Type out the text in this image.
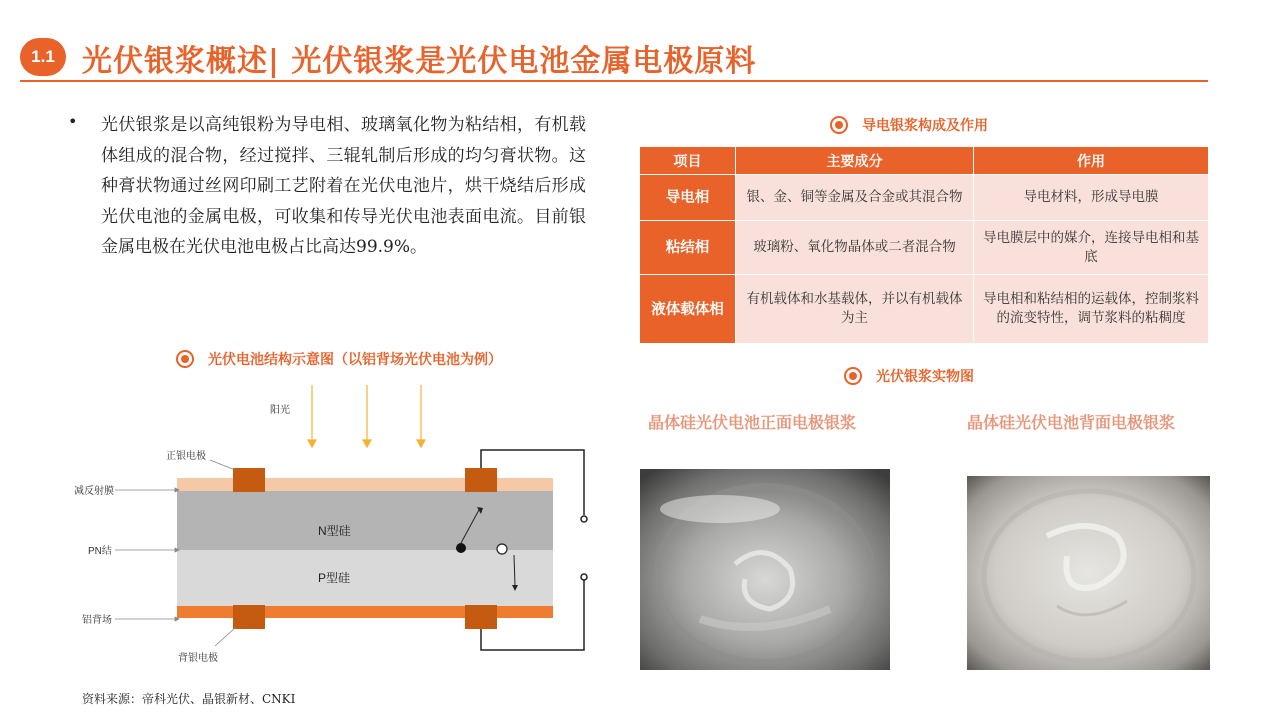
1.1 光伏银浆概述| 光伏银浆是光伏电池金属电极原料
• 光伏银浆是以高纯银粉为导电相、玻璃氧化物为粘结相，有机载体组成的混合物，经过搅拌、三辊轧制后形成的均匀膏状物。这种膏状物通过丝网印刷工艺附着在光伏电池片，烘干烧结后形成光伏电池的金属电极，可收集和传导光伏电池表面电流。目前银金属电极在光伏电池电极占比高达99.9%。
导电银浆构成及作用
项目	主要成分	作用
导电相	银、金、铜等金属及合金或其混合物	导电材料，形成导电膜
粘结相	玻璃粉、氧化物晶体或二者混合物	导电膜层中的媒介，连接导电相和基底
液体载体相	有机载体和水基载体，并以有机载体为主	导电相和粘结相的运载体，控制浆料的流变特性，调节浆料的粘稠度
光伏电池结构示意图（以铝背场光伏电池为例）
阳光
N型硅
P型硅
正银电极
减反射膜
PN结
铝背场
背银电极
光伏银浆实物图
晶体硅光伏电池正面电极银浆	晶体硅光伏电池背面电极银浆
资料来源：帝科光伏、晶银新材、CNKI
